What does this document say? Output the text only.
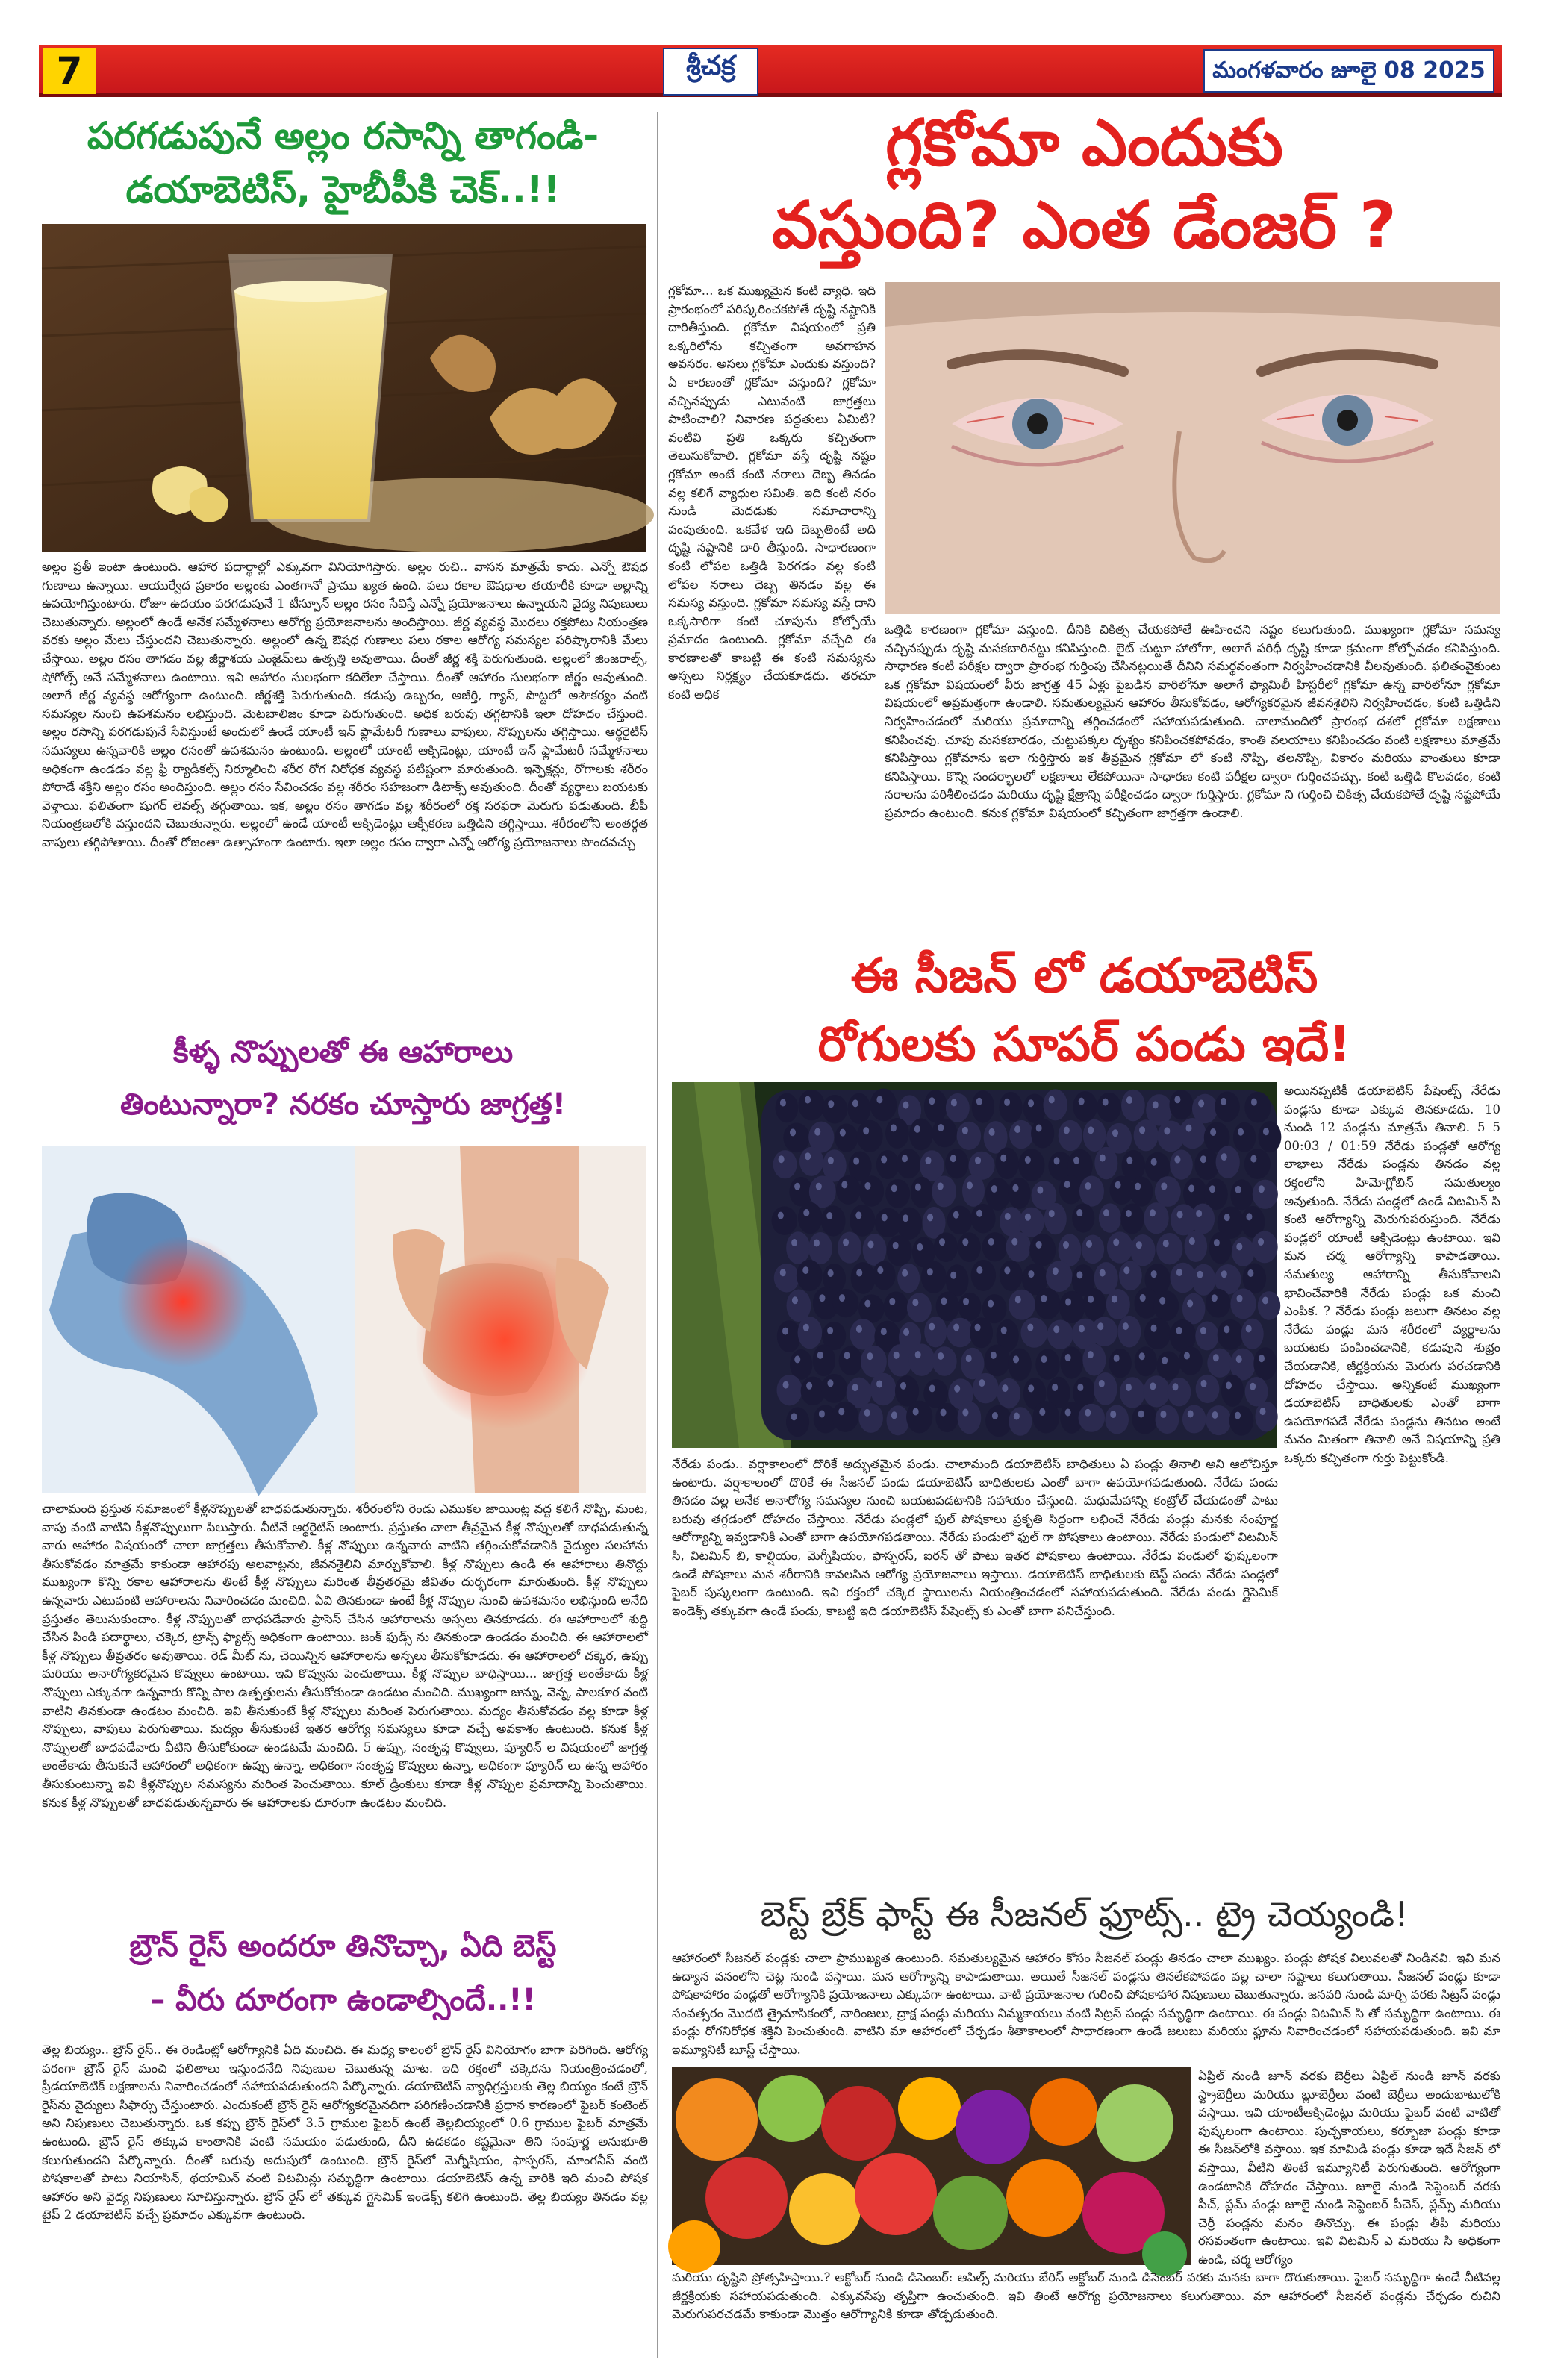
7	శ్రీచక్ర	మంగళవారం జూలై 08 2025
పరగడుపునే అల్లం రసాన్ని తాగండి-
డయాబెటిస్, హైబీపీకి చెక్..!!
అల్లం ప్రతీ ఇంటా ఉంటుంది. ఆహార పదార్థాల్లో ఎక్కువగా వినియోగిస్తారు. అల్లం రుచి.. వాసన మాత్రమే కాదు. ఎన్నో ఔషధ గుణాలు ఉన్నాయి. ఆయుర్వేద ప్రకారం అల్లంకు ఎంతగానో ప్రాము ఖ్యత ఉంది. పలు రకాల ఔషధాల తయారీకి కూడా అల్లాన్ని ఉపయోగిస్తుంటారు. రోజూ ఉదయం పరగడుపునే 1 టీస్పూన్ అల్లం రసం సేవిస్తే ఎన్నో ప్రయోజనాలు ఉన్నాయని వైద్య నిపుణులు చెబుతున్నారు. అల్లంలో ఉండే అనేక సమ్మేళనాలు ఆరోగ్య ప్రయోజనాలను అందిస్తాయి. జీర్ణ వ్యవస్థ మొదలు రక్తపోటు నియంత్రణ వరకు అల్లం మేలు చేస్తుందని చెబుతున్నారు. అల్లంలో ఉన్న ఔషధ గుణాలు పలు రకాల ఆరోగ్య సమస్యల పరిష్కారానికి మేలు చేస్తాయి. అల్లం రసం తాగడం వల్ల జీర్ణాశయ ఎంజైమ్‌లు ఉత్పత్తి అవుతాయి. దీంతో జీర్ణ శక్తి పెరుగుతుంది. అల్లంలో జింజరాల్స్, షోగోల్స్ అనే సమ్మేళనాలు ఉంటాయి. ఇవి ఆహారం సులభంగా కదిలేలా చేస్తాయి. దీంతో ఆహారం సులభంగా జీర్ణం అవుతుంది. అలాగే జీర్ణ వ్యవస్థ ఆరోగ్యంగా ఉంటుంది. జీర్ణశక్తి పెరుగుతుంది. కడుపు ఉబ్బరం, అజీర్తి, గ్యాస్, పొట్టలో అసౌకర్యం వంటి సమస్యల నుంచి ఉపశమనం లభిస్తుంది. మెటబాలిజం కూడా పెరుగుతుంది. అధిక బరువు తగ్గటానికి ఇలా దోహదం చేస్తుంది. అల్లం రసాన్ని పరగడుపునే సేవిస్తుంటే అందులో ఉండే యాంటీ ఇన్ ఫ్లామేటరీ గుణాలు వాపులు, నొప్పులను తగ్గిస్తాయి. ఆర్థరైటిస్ సమస్యలు ఉన్నవారికి అల్లం రసంతో ఉపశమనం ఉంటుంది. అల్లంలో యాంటీ ఆక్సిడెంట్లు, యాంటీ ఇన్ ఫ్లామేటరీ సమ్మేళనాలు అధికంగా ఉండడం వల్ల ఫ్రీ ర్యాడికల్స్ నిర్మూలించి శరీర రోగ నిరోధక వ్యవస్థ పటిష్టంగా మారుతుంది. ఇన్ఫెక్షన్లు, రోగాలకు శరీరం పోరాడే శక్తిని అల్లం రసం అందిస్తుంది. అల్లం రసం సేవించడం వల్ల శరీరం సహజంగా డిటాక్స్ అవుతుంది. దీంతో వ్యర్థాలు బయటకు వెళ్తాయి. ఫలితంగా షుగర్ లెవల్స్ తగ్గుతాయి. ఇక, అల్లం రసం తాగడం వల్ల శరీరంలో రక్త సరఫరా మెరుగు పడుతుంది. బీపీ నియంత్రణలోకి వస్తుందని చెబుతున్నారు. అల్లంలో ఉండే యాంటీ ఆక్సిడెంట్లు ఆక్సీకరణ ఒత్తిడిని తగ్గిస్తాయి. శరీరంలోని అంతర్గత వాపులు తగ్గిపోతాయి. దీంతో రోజంతా ఉత్సాహంగా ఉంటారు. ఇలా అల్లం రసం ద్వారా ఎన్నో ఆరోగ్య ప్రయోజనాలు పొందవచ్చు
కీళ్ళ నొప్పులతో ఈ ఆహారాలు
తింటున్నారా? నరకం చూస్తారు జాగ్రత్త!
చాలామంది ప్రస్తుత సమాజంలో కీళ్లనొప్పులతో బాధపడుతున్నారు. శరీరంలోని రెండు ఎముకల జాయింట్ల వద్ద కలిగే నొప్పి, మంట, వాపు వంటి వాటిని కీళ్లనొప్పులుగా పిలుస్తారు. వీటినే ఆర్థరైటిస్ అంటారు. ప్రస్తుతం చాలా తీవ్రమైన కీళ్ల నొప్పులతో బాధపడుతున్న వారు ఆహారం విషయంలో చాలా జాగ్రత్తలు తీసుకోవాలి. కీళ్ల నొప్పులు ఉన్నవారు వాటిని తగ్గించుకోవడానికి వైద్యుల సలహాను తీసుకోవడం మాత్రమే కాకుండా ఆహారపు అలవాట్లను, జీవనశైలిని మార్చుకోవాలి. కీళ్ల నొప్పులు ఉండి ఈ ఆహారాలు తినొద్దు ముఖ్యంగా కొన్ని రకాల ఆహారాలను తింటే కీళ్ల నొప్పులు మరింత తీవ్రతరమై జీవితం దుర్భరంగా మారుతుంది. కీళ్ల నొప్పులు ఉన్నవారు ఎటువంటి ఆహారాలను నివారించడం మంచిది. ఏవి తినకుండా ఉంటే కీళ్ల నొప్పుల నుంచి ఉపశమనం లభిస్తుంది అనేది ప్రస్తుతం తెలుసుకుందాం. కీళ్ల నొప్పులతో బాధపడేవారు ప్రాసెస్ చేసిన ఆహారాలను అస్సలు తినకూడదు. ఈ ఆహారాలలో శుద్ధి చేసిన పిండి పదార్థాలు, చక్కెర, ట్రాన్స్ ఫ్యాట్స్ అధికంగా ఉంటాయి. జంక్ ఫుడ్స్ ను తినకుండా ఉండడం మంచిది. ఈ ఆహారాలలో కీళ్ల నొప్పులు తీవ్రతరం అవుతాయి. రెడ్ మీట్ ను, చెయిన్నిన ఆహారాలను అస్సలు తీసుకోకూడదు. ఈ ఆహారాలలో చక్కెర, ఉప్పు మరియు అనారోగ్యకరమైన కొవ్వులు ఉంటాయి. ఇవి కొవ్వును పెంచుతాయి. కీళ్ల నొప్పుల బాధిస్తాయి... జాగ్రత్త అంతేకాదు కీళ్ల నొప్పులు ఎక్కువగా ఉన్నవారు కొన్ని పాల ఉత్పత్తులను తీసుకోకుండా ఉండటం మంచిది. ముఖ్యంగా జున్ను, వెన్న, పాలకూర వంటి వాటిని తినకుండా ఉండటం మంచిది. ఇవి తీసుకుంటే కీళ్ల నొప్పులు మరింత పెరుగుతాయి. మద్యం తీసుకోవడం వల్ల కూడా కీళ్ల నొప్పులు, వాపులు పెరుగుతాయి. మద్యం తీసుకుంటే ఇతర ఆరోగ్య సమస్యలు కూడా వచ్చే అవకాశం ఉంటుంది. కనుక కీళ్ల నొప్పులతో బాధపడేవారు వీటిని తీసుకోకుండా ఉండటమే మంచిది. 5 ఉప్పు, సంతృప్త కొవ్వులు, ఫ్యూరిన్ ల విషయంలో జాగ్రత్త అంతేకాదు తీసుకునే ఆహారంలో అధికంగా ఉప్పు ఉన్నా, అధికంగా సంతృప్త కొవ్వులు ఉన్నా, అధికంగా ఫ్యూరిన్ లు ఉన్న ఆహారం తీసుకుంటున్నా ఇవి కీళ్లనొప్పుల సమస్యను మరింత పెంచుతాయి. కూల్ డ్రింకులు కూడా కీళ్ల నొప్పుల ప్రమాదాన్ని పెంచుతాయి. కనుక కీళ్ల నొప్పులతో బాధపడుతున్నవారు ఈ ఆహారాలకు దూరంగా ఉండటం మంచిది.
బ్రౌన్ రైస్ అందరూ తినొచ్చా, ఏది బెస్ట్
– వీరు దూరంగా ఉండాల్సిందే..!!
తెల్ల బియ్యం.. బ్రౌన్ రైస్.. ఈ రెండింట్లో ఆరోగ్యానికి ఏది మంచిది. ఈ మధ్య కాలంలో బ్రౌన్ రైస్ వినియోగం బాగా పెరిగింది. ఆరోగ్య పరంగా బ్రౌన్ రైస్ మంచి ఫలితాలు ఇస్తుందనేది నిపుణుల చెబుతున్న మాట. ఇది రక్తంలో చక్కెరను నియంత్రించడంలో, ప్రీడయాబెటిక్ లక్షణాలను నివారించడంలో సహాయపడుతుందని పేర్కొన్నారు. డయాబెటిస్ వ్యాధిగ్రస్తులకు తెల్ల బియ్యం కంటే బ్రౌన్ రైస్‌ను వైద్యులు సిఫార్సు చేస్తుంటారు. ఎందుకంటే బ్రౌన్ రైస్ ఆరోగ్యకరమైనదిగా పరిగణించడానికి ప్రధాన కారణంలో ఫైబర్ కంటెంట్ అని నిపుణులు చెబుతున్నారు. ఒక కప్పు బ్రౌన్ రైస్‌లో 3.5 గ్రాముల ఫైబర్ ఉంటే తెల్లబియ్యంలో 0.6 గ్రాముల ఫైబర్ మాత్రమే ఉంటుంది. బ్రౌన్ రైస్ తక్కువ కాంతానికి వంటి సమయం పడుతుంది, దీని ఉడకడం కష్టమైనా తిని సంపూర్ణ అనుభూతి కలుగుతుందని పేర్కొన్నారు. దీంతో బరువు అదుపులో ఉంటుంది. బ్రౌన్ రైస్‌లో మెగ్నీషియం, ఫాస్ఫరస్, మాంగనీస్ వంటి పోషకాలతో పాటు నియాసిన్, థయామిన్ వంటి విటమిన్లు సమృద్ధిగా ఉంటాయి. డయాబెటిస్ ఉన్న వారికి ఇది మంచి పోషక ఆహారం అని వైద్య నిపుణులు సూచిస్తున్నారు. బ్రౌన్ రైస్ లో తక్కువ గ్లైసెమిక్ ఇండెక్స్ కలిగి ఉంటుంది. తెల్ల బియ్యం తినడం వల్ల టైప్ 2 డయాబెటిస్ వచ్చే ప్రమాదం ఎక్కువగా ఉంటుంది.
గ్లకోమా ఎందుకు
వస్తుంది? ఎంత డేంజర్ ?
గ్లకోమా... ఒక ముఖ్యమైన కంటి వ్యాధి. ఇది ప్రారంభంలో పరిష్కరించకపోతే దృష్టి నష్టానికి దారితీస్తుంది. గ్లకోమా విషయంలో ప్రతి ఒక్కరిలోను కచ్చితంగా అవగాహన అవసరం. అసలు గ్లకోమా ఎందుకు వస్తుంది? ఏ కారణంతో గ్లకోమా వస్తుంది? గ్లకోమా వచ్చినప్పుడు ఎటువంటి జాగ్రత్తలు పాటించాలి? నివారణ పద్ధతులు ఏమిటి? వంటివి ప్రతి ఒక్కరు కచ్చితంగా తెలుసుకోవాలి. గ్లకోమా వస్తే దృష్టి నష్టం గ్లకోమా అంటే కంటి నరాలు దెబ్బ తినడం వల్ల కలిగే వ్యాధుల సమితి. ఇది కంటి నరం నుండి మెదడుకు సమాచారాన్ని పంపుతుంది. ఒకవేళ ఇది దెబ్బతింటే అది దృష్టి నష్టానికి దారి తీస్తుంది. సాధారణంగా కంటి లోపల ఒత్తిడి పెరగడం వల్ల కంటి లోపల నరాలు దెబ్బ తినడం వల్ల ఈ సమస్య వస్తుంది. గ్లకోమా సమస్య వస్తే దాని ఒక్కసారిగా కంటి చూపును కోల్పోయే ప్రమాదం ఉంటుంది. గ్లకోమా వచ్చేది ఈ కారణాలతో కాబట్టి ఈ కంటి సమస్యను అస్సలు నిర్లక్ష్యం చేయకూడదు. తరచూ కంటి అధిక
ఒత్తిడి కారణంగా గ్లకోమా వస్తుంది. దీనికి చికిత్స చేయకపోతే ఊహించని నష్టం కలుగుతుంది. ముఖ్యంగా గ్లకోమా సమస్య వచ్చినప్పుడు దృష్టి మసకబారినట్టు కనిపిస్తుంది. లైట్ చుట్టూ హాలోగా, అలాగే పరిధీ దృష్టి కూడా క్రమంగా కోల్పోవడం కనిపిస్తుంది. సాధారణ కంటి పరీక్షల ద్వారా ప్రారంభ గుర్తింపు చేసినట్లయితే దీనిని సమర్థవంతంగా నిర్వహించడానికి వీలవుతుంది. ఫలితంవైకుంట ఒక గ్లకోమా విషయంలో వీరు జాగ్రత్త 45 ఏళ్లు పైబడిన వారిలోనూ అలాగే ఫ్యామిలీ హిస్టరీలో గ్లకోమా ఉన్న వారిలోనూ గ్లకోమా విషయంలో అప్రమత్తంగా ఉండాలి. సమతుల్యమైన ఆహారం తీసుకోవడం, ఆరోగ్యకరమైన జీవనశైలిని నిర్వహించడం, కంటి ఒత్తిడిని నిర్వహించడంలో మరియు ప్రమాదాన్ని తగ్గించడంలో సహాయపడుతుంది. చాలామందిలో ప్రారంభ దశలో గ్లకోమా లక్షణాలు కనిపించవు. చూపు మసకబారడం, చుట్టుపక్కల దృశ్యం కనిపించకపోవడం, కాంతి వలయాలు కనిపించడం వంటి లక్షణాలు మాత్రమే కనిపిస్తాయి గ్లకోమాను ఇలా గుర్తిస్తారు ఇక తీవ్రమైన గ్లకోమా లో కంటి నొప్పి, తలనొప్పి, వికారం మరియు వాంతులు కూడా కనిపిస్తాయి. కొన్ని సందర్భాలలో లక్షణాలు లేకపోయినా సాధారణ కంటి పరీక్షల ద్వారా గుర్తించవచ్చు. కంటి ఒత్తిడి కొలవడం, కంటి నరాలను పరిశీలించడం మరియు దృష్టి క్షేత్రాన్ని పరీక్షించడం ద్వారా గుర్తిస్తారు. గ్లకోమా ని గుర్తించి చికిత్స చేయకపోతే దృష్టి నష్టపోయే ప్రమాదం ఉంటుంది. కనుక గ్లకోమా విషయంలో కచ్చితంగా జాగ్రత్తగా ఉండాలి.
ఈ సీజన్ లో డయాబెటిస్
రోగులకు సూపర్ పండు ఇదే!
అయినప్పటికీ డయాబెటిస్ పేషెంట్స్ నేరేడు పండ్లను కూడా ఎక్కువ తినకూడదు. 10 నుండి 12 పండ్లను మాత్రమే తినాలి. 5 5 00:03 / 01:59 నేరేడు పండ్లతో ఆరోగ్య లాభాలు నేరేడు పండ్లను తినడం వల్ల రక్తంలోని హిమోగ్లోబిన్ సమతుల్యం అవుతుంది. నేరేడు పండ్లలో ఉండే విటమిన్ సి కంటి ఆరోగ్యాన్ని మెరుగుపరుస్తుంది. నేరేడు పండ్లలో యాంటీ ఆక్సిడెంట్లు ఉంటాయి. ఇవి మన చర్మ ఆరోగ్యాన్ని కాపాడతాయి. సమతుల్య ఆహారాన్ని తీసుకోవాలని భావించేవారికి నేరేడు పండ్లు ఒక మంచి ఎంపిక. ? నేరేడు పండ్లు జలుగా తినటం వల్ల నేరేడు పండ్లు మన శరీరంలో వ్యర్థాలను బయటకు పంపించడానికి, కడుపుని శుభ్రం చేయడానికి, జీర్ణక్రియను మెరుగు పరచడానికి దోహదం చేస్తాయి. అన్నికంటే ముఖ్యంగా డయాబెటిస్ బాధితులకు ఎంతో బాగా ఉపయోగపడే నేరేడు పండ్లను తినటం అంటే మనం మితంగా తినాలి అనే విషయాన్ని ప్రతి ఒక్కరు కచ్చితంగా గుర్తు పెట్టుకోండి.
నేరేడు పండు.. వర్షాకాలంలో దొరికే అద్భుతమైన పండు. చాలామంది డయాబెటిస్ బాధితులు ఏ పండ్లు తినాలి అని ఆలోచిస్తూ ఉంటారు. వర్షాకాలంలో దొరికే ఈ సీజనల్ పండు డయాబెటిస్ బాధితులకు ఎంతో బాగా ఉపయోగపడుతుంది. నేరేడు పండు తినడం వల్ల అనేక అనారోగ్య సమస్యల నుంచి బయటపడటానికి సహాయం చేస్తుంది. మధుమేహాన్ని కంట్రోల్ చేయడంతో పాటు బరువు తగ్గడంలో దోహదం చేస్తాయి. నేరేడు పండ్లలో ఫుల్ పోషకాలు ప్రకృతి సిద్ధంగా లభించే నేరేడు పండ్లు మనకు సంపూర్ణ ఆరోగ్యాన్ని ఇవ్వడానికి ఎంతో బాగా ఉపయోగపడతాయి. నేరేడు పండులో ఫుల్ గా పోషకాలు ఉంటాయి. నేరేడు పండులో విటమిన్ సి, విటమిన్ బి, కాల్షియం, మెగ్నీషియం, ఫాస్ఫరస్, ఐరన్ తో పాటు ఇతర పోషకాలు ఉంటాయి. నేరేడు పండులో ఫుష్కలంగా ఉండే పోషకాలు మన శరీరానికి కావలసిన ఆరోగ్య ప్రయోజనాలు ఇస్తాయి. డయాబెటిస్ బాధితులకు బెస్ట్ పండు నేరేడు పండ్లలో ఫైబర్ పుష్కలంగా ఉంటుంది. ఇవి రక్తంలో చక్కెర స్థాయిలను నియంత్రించడంలో సహాయపడుతుంది. నేరేడు పండు గ్లైసెమిక్ ఇండెక్స్ తక్కువగా ఉండే పండు, కాబట్టి ఇది డయాబెటిస్ పేషెంట్స్ కు ఎంతో బాగా పనిచేస్తుంది.
బెస్ట్ బ్రేక్ ఫాస్ట్ ఈ సీజనల్ ఫ్రూట్స్.. ట్రై చెయ్యండి!
ఆహారంలో సీజనల్ పండ్లకు చాలా ప్రాముఖ్యత ఉంటుంది. సమతుల్యమైన ఆహారం కోసం సీజనల్ పండ్లు తినడం చాలా ముఖ్యం. పండ్లు పోషక విలువలతో నిండినవి. ఇవి మన ఉద్యాన వనంలోని చెట్ల నుండి వస్తాయి. మన ఆరోగ్యాన్ని కాపాడుతాయి. అయితే సీజనల్ పండ్లను తినలేకపోవడం వల్ల చాలా నష్టాలు కలుగుతాయి. సీజనల్ పండ్లు కూడా పోషకాహారం పండ్లతో ఆరోగ్యానికి ప్రయోజనాలు ఎక్కువగా ఉంటాయి. వాటి ప్రయోజనాల గురించి పోషకాహార నిపుణులు చెబుతున్నారు. జనవరి నుండి మార్చి వరకు సిట్రస్ పండ్లు సంవత్సరం మొదటి త్రైమాసికంలో, నారింజలు, ద్రాక్ష పండ్లు మరియు నిమ్మకాయలు వంటి సిట్రస్ పండ్లు సమృద్ధిగా ఉంటాయి. ఈ పండ్లు విటమిన్ సి తో సమృద్ధిగా ఉంటాయి. ఈ పండ్లు రోగనిరోధక శక్తిని పెంచుతుంది. వాటిని మా ఆహారంలో చేర్చడం శీతాకాలంలో సాధారణంగా ఉండే జలుబు మరియు ఫ్లూను నివారించడంలో సహాయపడుతుంది. ఇవి మా ఇమ్యూనిటీ బూస్ట్ చేస్తాయి.
ఏప్రిల్ నుండి జూన్ వరకు బెర్రీలు ఏప్రిల్ నుండి జూన్ వరకు స్ట్రాబెర్రీలు మరియు బ్లూబెర్రీలు వంటి బెర్రీలు అందుబాటులోకి వస్తాయి. ఇవి యాంటీఆక్సిడెంట్లు మరియు ఫైబర్ వంటి వాటితో పుష్కలంగా ఉంటాయి. పుచ్చకాయలు, కర్బూజా పండ్లు కూడా ఈ సీజన్‌లోకి వస్తాయి. ఇక మామిడి పండ్లు కూడా ఇదే సీజన్ లో వస్తాయి, వీటిని తింటే ఇమ్యూనిటీ పెరుగుతుంది. ఆరోగ్యంగా ఉండటానికి దోహదం చేస్తాయి. జూలై నుండి సెప్టెంబర్ వరకు పీచ్, ప్లమ్ పండ్లు జూలై నుండి సెప్టెంబర్ పీచెస్, ప్లమ్స్ మరియు చెర్రీ పండ్లను మనం తినొచ్చు. ఈ పండ్లు తీపి మరియు రసవంతంగా ఉంటాయి. ఇవి విటమిన్ ఎ మరియు సి అధికంగా ఉండి, చర్మ ఆరోగ్యం
మరియు దృష్టిని ప్రోత్సహిస్తాయి.? అక్టోబర్ నుండి డిసెంబర్: ఆపిల్స్ మరియు బేరిస్ అక్టోబర్ నుండి డిసెంబర్ వరకు మనకు బాగా దొరుకుతాయి. ఫైబర్ సమృద్ధిగా ఉండే వీటివల్ల జీర్ణక్రియకు సహాయపడుతుంది. ఎక్కువసేపు తృప్తిగా ఉంచుతుంది. ఇవి తింటే ఆరోగ్య ప్రయోజనాలు కలుగుతాయి. మా ఆహారంలో సీజనల్ పండ్లను చేర్చడం రుచిని మెరుగుపరచడమే కాకుండా మొత్తం ఆరోగ్యానికి కూడా తోడ్పడుతుంది.
